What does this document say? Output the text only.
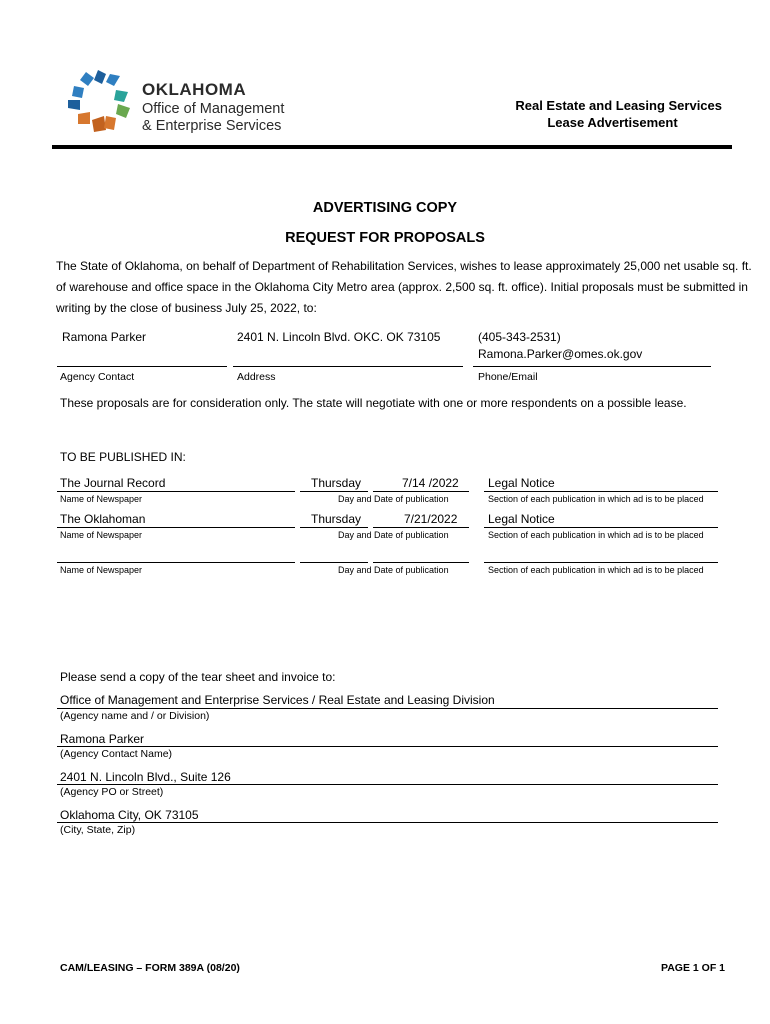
OKLAHOMA
Office of Management
& Enterprise Services
Real Estate and Leasing Services
Lease Advertisement
ADVERTISING COPY
REQUEST FOR PROPOSALS
The State of Oklahoma, on behalf of Department of Rehabilitation Services, wishes to lease approximately 25,000 net usable sq. ft.
of warehouse and office space in the Oklahoma City Metro area (approx. 2,500 sq. ft. office). Initial proposals must be submitted in
writing by the close of business July 25, 2022, to:
Ramona Parker	2401 N. Lincoln Blvd. OKC. OK 73105	(405-343-2531)
Ramona.Parker@omes.ok.gov
Agency Contact	Address	Phone/Email
These proposals are for consideration only. The state will negotiate with one or more respondents on a possible lease.
TO BE PUBLISHED IN:
The Journal Record	Thursday	7/14 /2022 Legal Notice
Name of Newspaper	Day and Date of publication	Section of each publication in which ad is to be placed
The Oklahoman	Thursday	7/21/2022	Legal Notice
Name of Newspaper	Day and Date of publication	Section of each publication in which ad is to be placed
Name of Newspaper	Day and Date of publication	Section of each publication in which ad is to be placed
Please send a copy of the tear sheet and invoice to:
Office of Management and Enterprise Services / Real Estate and Leasing Division
(Agency name and / or Division)
Ramona Parker
(Agency Contact Name)
2401 N. Lincoln Blvd., Suite 126
(Agency PO or Street)
Oklahoma City, OK 73105
(City, State, Zip)
CAM/LEASING – FORM 389A (08/20)	PAGE 1 OF 1
